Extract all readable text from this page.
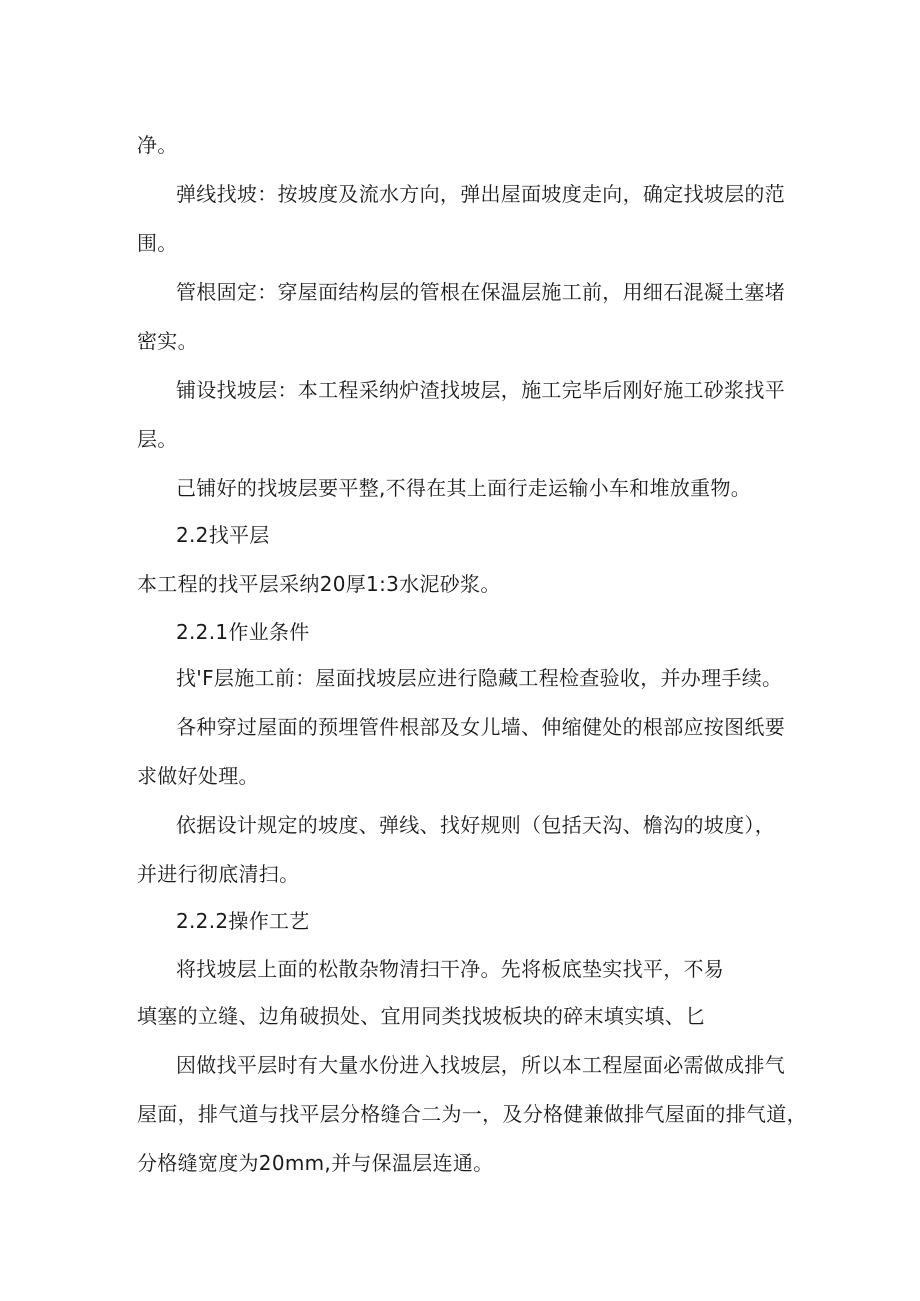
净。
弹线找坡：按坡度及流水方向，弹出屋面坡度走向，确定找坡层的范
围。
管根固定：穿屋面结构层的管根在保温层施工前，用细石混凝土塞堵
密实。
铺设找坡层：本工程采纳炉渣找坡层，施工完毕后刚好施工砂浆找平
层。
己铺好的找坡层要平整,不得在其上面行走运输小车和堆放重物。
2.2找平层
本工程的找平层采纳20厚1:3水泥砂浆。
2.2.1作业条件
找'F层施工前：屋面找坡层应进行隐藏工程检查验收，并办理手续。
各种穿过屋面的预埋管件根部及女儿墙、伸缩健处的根部应按图纸要
求做好处理。
依据设计规定的坡度、弹线、找好规则（包括天沟、檐沟的坡度），
并进行彻底清扫。
2.2.2操作工艺
将找坡层上面的松散杂物清扫干净。先将板底垫实找平，不易
填塞的立缝、边角破损处、宜用同类找坡板块的碎末填实填、匕
因做找平层时有大量水份进入找坡层，所以本工程屋面必需做成排气
屋面，排气道与找平层分格缝合二为一，及分格健兼做排气屋面的排气道，
分格缝宽度为20mm,并与保温层连通。
